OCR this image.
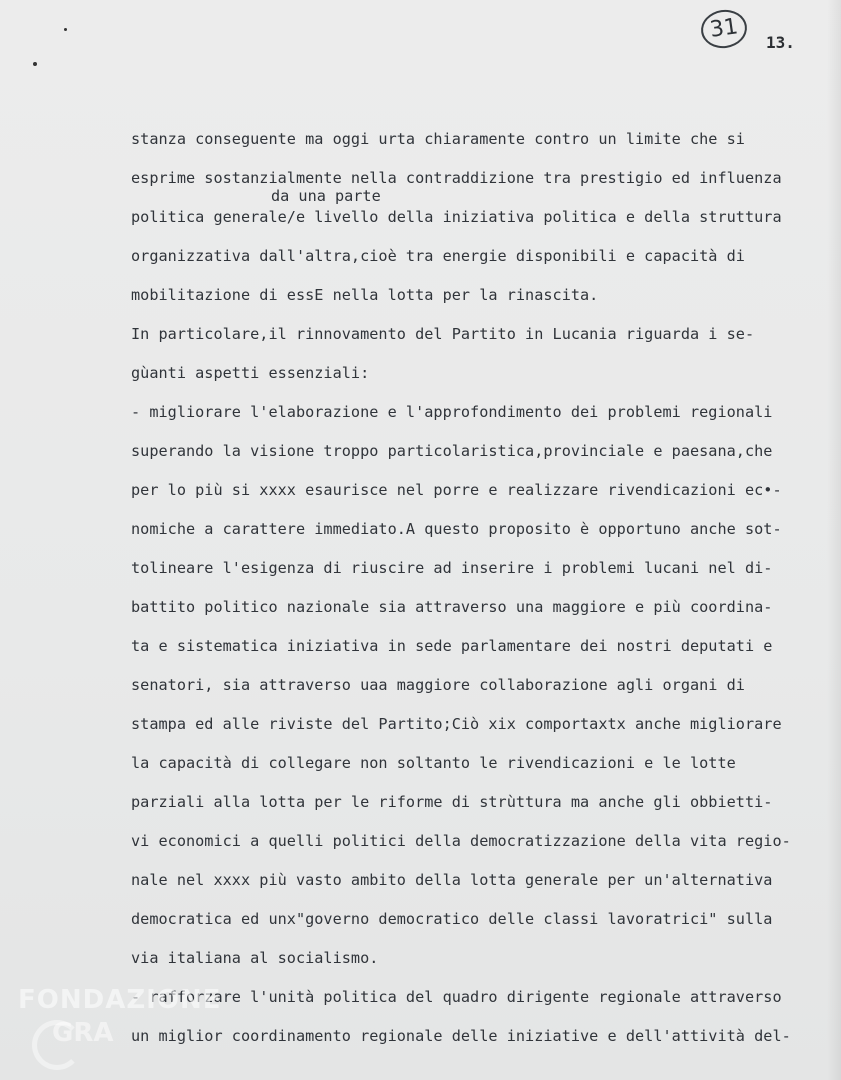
31	13.
da una parte
stanza conseguente ma oggi urta chiaramente contro un limite che si
esprime sostanzialmente nella contraddizione tra prestigio ed influenza
politica generale/e livello della iniziativa politica e della struttura
organizzativa dall'altra,cioè tra energie disponibili e capacità di
mobilitazione di essE nella lotta per la rinascita.
In particolare,il rinnovamento del Partito in Lucania riguarda i se-
gùanti aspetti essenziali:
- migliorare l'elaborazione e l'approfondimento dei problemi regionali
superando la visione troppo particolaristica,provinciale e paesana,che
per lo più si xxxx esaurisce nel porre e realizzare rivendicazioni ec•-
nomiche a carattere immediato.A questo proposito è opportuno anche sot-
tolineare l'esigenza di riuscire ad inserire i problemi lucani nel di-
battito politico nazionale sia attraverso una maggiore e più coordina-
ta e sistematica iniziativa in sede parlamentare dei nostri deputati e
senatori, sia attraverso uaa maggiore collaborazione agli organi di
stampa ed alle riviste del Partito;Ciò xix comportaxtx anche migliorare
la capacità di collegare non soltanto le rivendicazioni e le lotte
parziali alla lotta per le riforme di strùttura ma anche gli obbietti-
vi economici a quelli politici della democratizzazione della vita regio-
nale nel xxxx più vasto ambito della lotta generale per un'alternativa
democratica ed unx"governo democratico delle classi lavoratrici" sulla
via italiana al socialismo.
- rafforzare l'unità politica del quadro dirigente regionale attraverso
un miglior coordinamento regionale delle iniziative e dell'attività del-
FONDAZIONE
GRA
